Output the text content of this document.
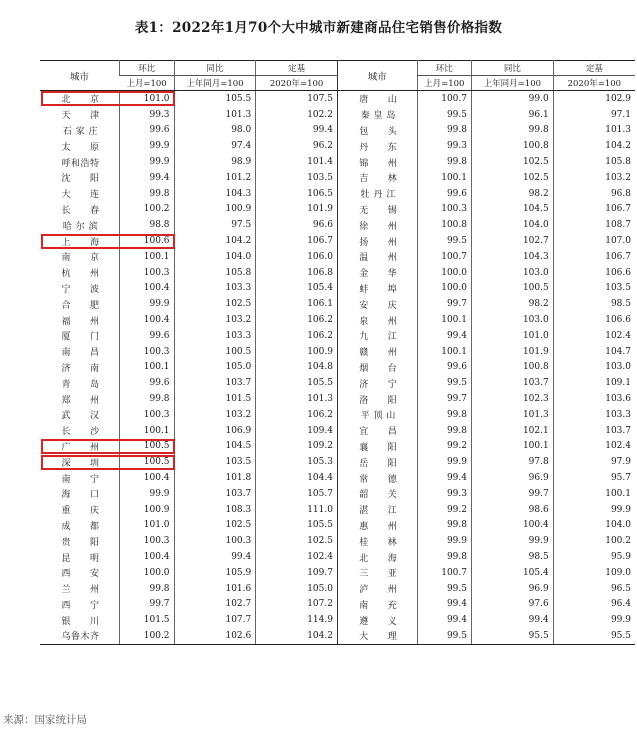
表1：2022年1月70个大中城市新建商品住宅销售价格指数
城市	环比	同比	定基	城市	环比	同比	定基
	上月=100	上年同月=100	2020年=100		上月=100	上年同月=100	2020年=100
北　　京	101.0	105.5	107.5	唐　　山	100.7	99.0	102.9
天　　津	99.3	101.3	102.2	秦 皇 岛	99.5	96.1	97.1
石 家 庄	99.6	98.0	99.4	包　　头	99.8	99.8	101.3
太　　原	99.9	97.4	96.2	丹　　东	99.3	100.8	104.2
呼和浩特	99.9	98.9	101.4	锦　　州	99.8	102.5	105.8
沈　　阳	99.4	101.2	103.5	吉　　林	100.1	102.5	103.2
大　　连	99.8	104.3	106.5	牡 丹 江	99.6	98.2	96.8
长　　春	100.2	100.9	101.9	无　　锡	100.3	104.5	106.7
哈 尔 滨	98.8	97.5	96.6	徐　　州	100.8	104.0	108.7
上　　海	100.6	104.2	106.7	扬　　州	99.5	102.7	107.0
南　　京	100.1	104.0	106.0	温　　州	100.7	104.3	106.7
杭　　州	100.3	105.8	106.8	金　　华	100.0	103.0	106.6
宁　　波	100.4	103.3	105.4	蚌　　埠	100.0	100.5	103.5
合　　肥	99.9	102.5	106.1	安　　庆	99.7	98.2	98.5
福　　州	100.4	103.2	106.2	泉　　州	100.1	103.0	106.6
厦　　门	99.6	103.3	106.2	九　　江	99.4	101.0	102.4
南　　昌	100.3	100.5	100.9	赣　　州	100.1	101.9	104.7
济　　南	100.1	105.0	104.8	烟　　台	99.6	100.8	103.0
青　　岛	99.6	103.7	105.5	济　　宁	99.5	103.7	109.1
郑　　州	99.8	101.5	101.3	洛　　阳	99.7	102.3	103.6
武　　汉	100.3	103.2	106.2	平 顶 山	99.8	101.3	103.3
长　　沙	100.1	106.9	109.4	宜　　昌	99.8	102.1	103.7
广　　州	100.5	104.5	109.2	襄　　阳	99.2	100.1	102.4
深　　圳	100.5	103.5	105.3	岳　　阳	99.9	97.8	97.9
南　　宁	100.4	101.8	104.4	常　　德	99.4	96.9	95.7
海　　口	99.9	103.7	105.7	韶　　关	99.3	99.7	100.1
重　　庆	100.9	108.3	111.0	湛　　江	99.2	98.6	99.9
成　　都	101.0	102.5	105.5	惠　　州	99.8	100.4	104.0
贵　　阳	100.3	100.3	102.5	桂　　林	99.9	99.9	100.2
昆　　明	100.4	99.4	102.4	北　　海	99.8	98.5	95.9
西　　安	100.0	105.9	109.7	三　　亚	100.7	105.4	109.0
兰　　州	99.8	101.6	105.0	泸　　州	99.5	96.9	96.5
西　　宁	99.7	102.7	107.2	南　　充	99.4	97.6	96.4
银　　川	101.5	107.7	114.9	遵　　义	99.4	99.4	99.9
乌鲁木齐	100.2	102.6	104.2	大　　理	99.5	95.5	95.5
来源：国家统计局
